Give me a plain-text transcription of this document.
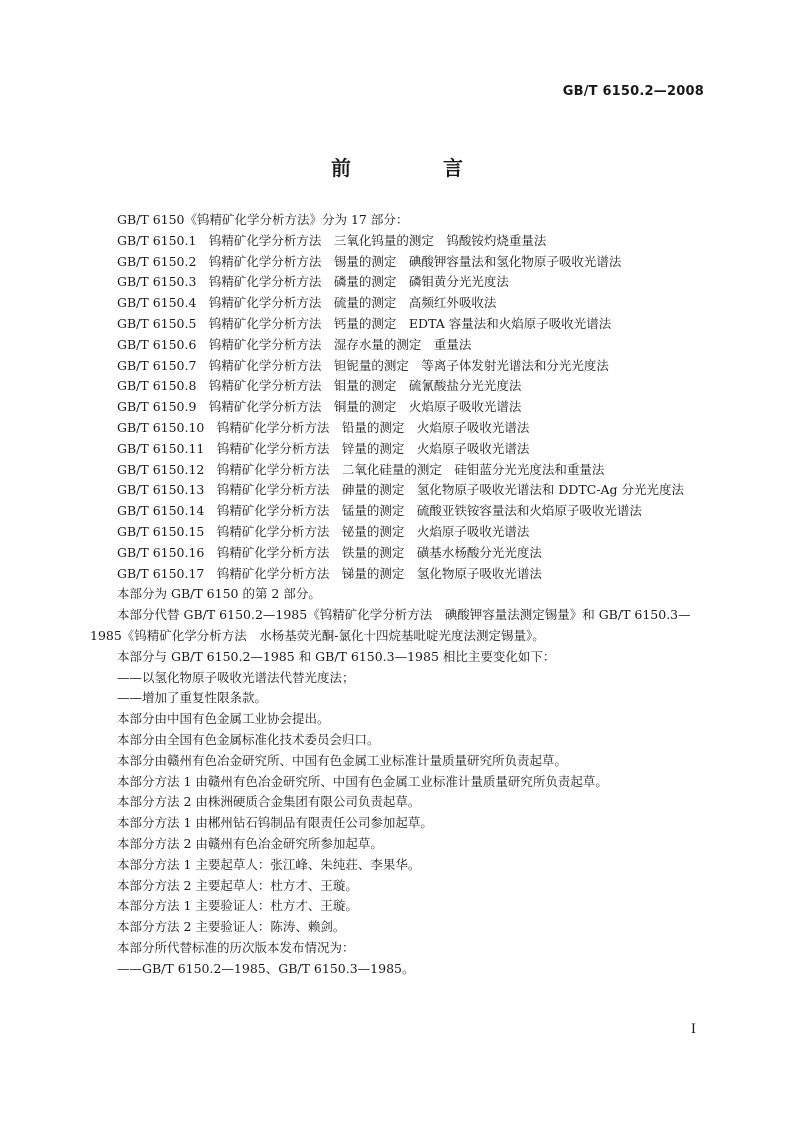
GB/T 6150.2—2008
前　言

GB/T 6150《钨精矿化学分析方法》分为 17 部分：

GB/T 6150.1　钨精矿化学分析方法　三氧化钨量的测定　钨酸铵灼烧重量法

GB/T 6150.2　钨精矿化学分析方法　锡量的测定　碘酸钾容量法和氢化物原子吸收光谱法

GB/T 6150.3　钨精矿化学分析方法　磷量的测定　磷钼黄分光光度法

GB/T 6150.4　钨精矿化学分析方法　硫量的测定　高频红外吸收法

GB/T 6150.5　钨精矿化学分析方法　钙量的测定　EDTA 容量法和火焰原子吸收光谱法

GB/T 6150.6　钨精矿化学分析方法　湿存水量的测定　重量法

GB/T 6150.7　钨精矿化学分析方法　钽铌量的测定　等离子体发射光谱法和分光光度法

GB/T 6150.8　钨精矿化学分析方法　钼量的测定　硫氰酸盐分光光度法

GB/T 6150.9　钨精矿化学分析方法　铜量的测定　火焰原子吸收光谱法

GB/T 6150.10　钨精矿化学分析方法　铅量的测定　火焰原子吸收光谱法

GB/T 6150.11　钨精矿化学分析方法　锌量的测定　火焰原子吸收光谱法

GB/T 6150.12　钨精矿化学分析方法　二氧化硅量的测定　硅钼蓝分光光度法和重量法

GB/T 6150.13　钨精矿化学分析方法　砷量的测定　氢化物原子吸收光谱法和 DDTC-Ag 分光光度法

GB/T 6150.14　钨精矿化学分析方法　锰量的测定　硫酸亚铁铵容量法和火焰原子吸收光谱法

GB/T 6150.15　钨精矿化学分析方法　铋量的测定　火焰原子吸收光谱法

GB/T 6150.16　钨精矿化学分析方法　铁量的测定　磺基水杨酸分光光度法

GB/T 6150.17　钨精矿化学分析方法　锑量的测定　氢化物原子吸收光谱法

本部分为 GB/T 6150 的第 2 部分。

本部分代替 GB/T 6150.2—1985《钨精矿化学分析方法　碘酸钾容量法测定锡量》和 GB/T 6150.3—1985《钨精矿化学分析方法　水杨基荧光酮-氯化十四烷基吡啶光度法测定锡量》。

本部分与 GB/T 6150.2—1985 和 GB/T 6150.3—1985 相比主要变化如下：

——以氢化物原子吸收光谱法代替光度法；

——增加了重复性限条款。

本部分由中国有色金属工业协会提出。

本部分由全国有色金属标准化技术委员会归口。

本部分由赣州有色冶金研究所、中国有色金属工业标准计量质量研究所负责起草。

本部分方法 1 由赣州有色冶金研究所、中国有色金属工业标准计量质量研究所负责起草。

本部分方法 2 由株洲硬质合金集团有限公司负责起草。

本部分方法 1 由郴州钻石钨制品有限责任公司参加起草。

本部分方法 2 由赣州有色冶金研究所参加起草。

本部分方法 1 主要起草人：张江峰、朱纯荘、李果华。

本部分方法 2 主要起草人：杜方才、王璇。

本部分方法 1 主要验证人：杜方才、王璇。

本部分方法 2 主要验证人：陈涛、赖剑。

本部分所代替标准的历次版本发布情况为：

——GB/T 6150.2—1985、GB/T 6150.3—1985。

I
